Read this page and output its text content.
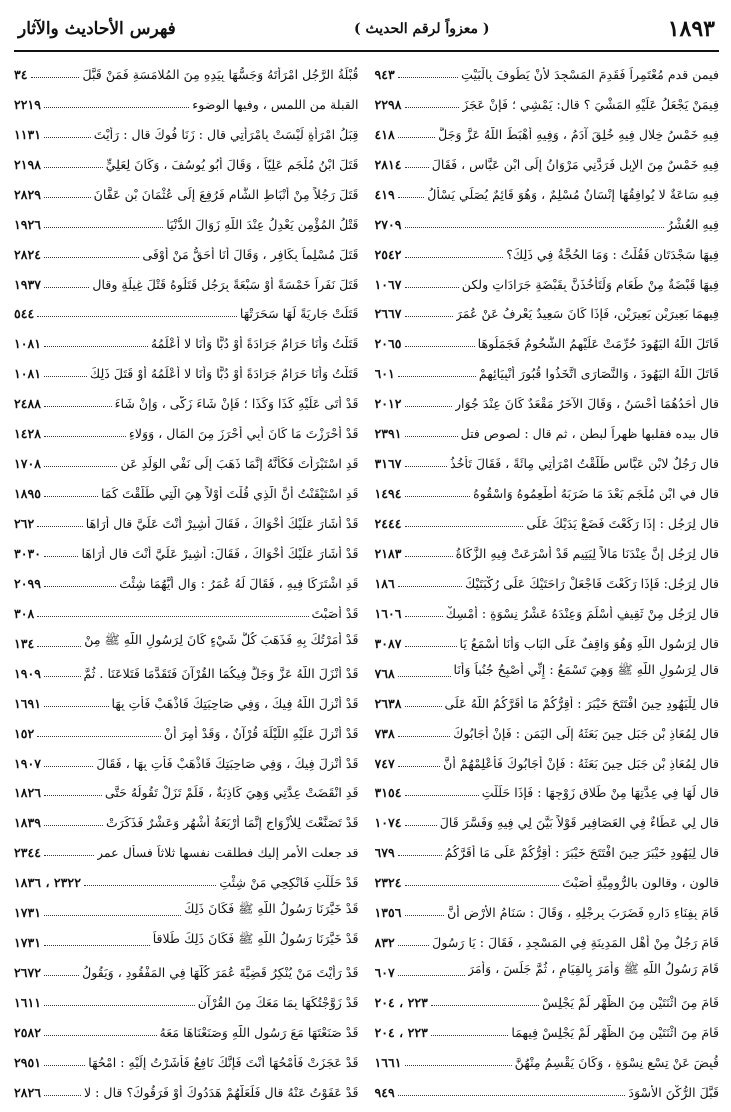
١٨٩٣
( معزواً لرقم الحديث )
فهرس الأحاديث والآثار
فيمن قدم مُعْتَمِراً فَقَدِمَ المَسْجِدَ لأَنْ يَطُوفَ بِالْبَيْتِ
٩٤٣
فِيمَنْ يَجْعَلُ عَلَيْهِ المَشْيَ ؟ قال: يَمْشِي ؛ فَإِنْ عَجَزَ
٢٢٩٨
فِيهِ خَمْسُ خِلالٍ فِيهِ خُلِقَ آدَمُ ، وَفِيهِ أَهْبَطَ اللَّهُ عَزَّ وَجَلَّ
٤١٨
فِيهِ خَمْسٌ مِنَ الإِبِلِ فَرَدَّنِي مَرْوَانُ إِلَى ابْنِ عَبَّاسٍ ، فَقَالَ
٢٨١٤
فِيهِ سَاعَةٌ لا يُوافِقُهَا إِنْسَانٌ مُسْلِمٌ ، وَهُوَ قَائِمٌ يُصَلِّي يَسْأَلُ
٤١٩
فِيهِ العُشْرُ
٢٧٠٩
فِيهَا سَجْدَتَانِ فَقُلْتُ : وَمَا الحُجَّةُ فِي ذَلِكَ؟
٢٥٤٢
فِيهَا قَبْضَةٌ مِنْ طَعَامٍ وَلَتَأْخُذَنَّ بِقَبْضَةٍ جَرَادَاتٍ ولكن
١٠٦٧
فِيهِمَا بَعِيرَيْنِ بَعِيرَيْنِ، فَإِذَا كَانَ سَعِيدٌ يَعْرِفُ عَنْ عُمَرَ
٢٦٦٧
قَاتَلَ اللَّهُ اليَهُودَ حُرِّمَتْ عَلَيْهِمُ الشُّحُومُ فَجَمَلُوهَا
٢٠٦٥
قَاتَلَ اللَّهُ اليَهُودَ ، وَالنَّصَارَى اتَّخَذُوا قُبُورَ أَنْبِيَائِهِمْ
٦٠١
قال أَحَدُهُمَا أَحْسَنُ ، وَقَالَ الآخَرُ مَقْعَدٌ كَانَ عِنْدَ جُوَارٍ
٢٠١٢
قال بيده فقلبها ظهراً لبطن ، ثم قال : لصوص فتل
٢٣٩١
قال رَجُلٌ لابْنِ عَبَّاسٍ طَلَّقْتُ امْرَأَتِي مِائَةً ، فَقَالَ تَأْخُذُ
٣١٦٧
قال في ابْنِ مُلْجَمٍ بَعْدَ مَا ضَرَبَهُ أَطْعِمُوهُ وَاسْقُوهُ
١٤٩٤
قال لِرَجُلٍ : إِذَا رَكَعْتَ فَضَعْ يَدَيْكَ عَلَى
٢٤٤٤
قال لِرَجُلٍ إِنَّ عِنْدَنَا مَالاً لِيَتِيمٍ قَدْ أَسْرَعَتْ فِيهِ الزَّكَاةُ
٢١٨٣
قال لِرَجُلٍ: فَإِذَا رَكَعْتَ فَاجْعَلْ رَاحَتَيْكَ عَلَى رُكْبَتَيْكَ
١٨٦
قال لِرَجُلٍ مِنْ ثَقِيفٍ أَسْلَمَ وَعِنْدَهُ عَشْرُ نِسْوَةٍ : أَمْسِكْ
١٦٠٦
قال لِرَسُولِ اللَّهِ وَهُوَ وَاقِفٌ عَلَى البَابِ وَأَنَا أَسْمَعُ يَا
٣٠٨٧
قال لِرَسُولِ اللَّهِ ﷺ وَهِيَ تَسْمَعُ : إِنِّي أُصْبِحُ جُنُباً وَأَنَا
٧٦٨
قال لِلْيَهُودِ حِينَ افْتَتَحَ خَيْبَرَ : أُقِرُّكُمْ مَا أَقَرَّكُمُ اللَّهُ عَلَى
٢٦٣٨
قال لِمُعَاذِ بْنِ جَبَلٍ حِينَ بَعَثَهُ إِلَى اليَمَنِ : فَإِنْ أَجَابُوكَ
٧٣٨
قال لِمُعَاذِ بْنِ جَبَلٍ حِينَ بَعَثَهُ : فَإِنْ أَجَابُوكَ فَأَعْلِمْهُمْ أَنَّ
٧٤٧
قال لَهَا فِي عِدَّتِهَا مِنْ طَلاقِ زَوْجِهَا : فَإِذَا حَلَلْتِ
٣١٥٤
قال لِي عَطَاءٌ فِي العَصَافِيرِ قَوْلاً بَيَّنَ لِي فِيهِ وَفَسَّرَ قَالَ
١٠٧٤
قال لِيَهُودِ خَيْبَرَ حِينَ افْتَتَحَ خَيْبَرَ : أُقِرُّكُمْ عَلَى مَا أَقَرَّكُمُ
٦٧٩
قالون ، وقالون بالرُّومِيَّةِ أَصَبْتَ
٢٣٢٤
قَامَ بِفِنَاءِ دَارِهِ فَضَرَبَ بِرِجْلِهِ ، وَقَالَ : سَنَامُ الأَرْضِ أَنَّ
١٣٥٦
قَامَ رَجُلٌ مِنْ أَهْلِ المَدِينَةِ فِي المَسْجِدِ ، فَقَالَ : يَا رَسُولَ
٨٣٢
قَامَ رَسُولُ اللَّهِ ﷺ وَأَمَرَ بِالقِيَامِ ، ثُمَّ جَلَسَ ، وَأَمَرَ
٦٠٧
قَامَ مِنَ اثْنَتَيْنِ مِنَ الظُّهْرِ لَمْ يَجْلِسْ
٢٢٣ ، ٢٠٤
قَامَ مِنَ اثْنَتَيْنِ مِنَ الظُّهْرِ لَمْ يَجْلِسْ فِيهِمَا
٢٢٣ ، ٢٠٤
قُبِضَ عَنْ تِسْعِ نِسْوَةٍ ، وَكَانَ يَقْسِمُ مِنْهُنَّ
١٦٦١
قَبَّلَ الرُّكْنَ الأَسْوَدَ
٩٤٩
قُبْلَةُ الرَّجُلِ امْرَأَتَهُ وَجَسُّهَا بِيَدِهِ مِنَ المُلامَسَةِ فَمَنْ قَبَّلَ
٣٤
القبلة من اللمس ، وفيها الوضوء
٢٢١٩
قِبَلُ امْرَأَةٍ لَيْسَتْ بِامْرَأَتِي قال : زَنَا فُوكَ قال : رَأَيْتَ
١١٣١
قَتَلَ ابْنُ مُلْجَمٍ عَلِيّاً ، وَقَالَ أَبُو يُوسُفَ ، وَكَانَ لِعَلِيٍّ
٢١٩٨
قَتَلَ رَجُلاً مِنْ أَنْبَاطِ الشَّامِ فَرُفِعَ إِلَى عُثْمَانَ بْنِ عَفَّانَ
٢٨٢٩
قَتْلُ المُؤْمِنِ يَعْدِلُ عِنْدَ اللَّهِ زَوَالَ الدُّنْيَا
١٩٢٦
قَتَلَ مُسْلِماً بِكَافِرٍ ، وَقَالَ أَنَا أَحَقُّ مَنْ أَوْفَى
٢٨٢٤
قَتَلَ نَفَراً خَمْسَةً أَوْ سَبْعَةً بِرَجُلٍ قَتَلُوهُ قَتْلَ غِيلَةٍ وقال
١٩٣٧
قَتَلَتْ جَارِيَةً لَهَا سَحَرَتْهَا
٥٤٤
قَتَلْتُ وَأَنَا حَرَامٌ جَرَادَةً أَوْ دُبًّا وَأَنَا لا أَعْلَمُهُ
١٠٨١
قَتَلْتُ وَأَنَا حَرَامٌ جَرَادَةً أَوْ دُبًّا وَأَنَا لا أَعْلَمُهُ أَوْ قَتَلَ ذَلِكَ
١٠٨١
قَدْ أَتَى عَلَيْهِ كَذَا وَكَذَا ؛ فَإِنْ شَاءَ زَكَّى ، وَإِنْ شَاءَ
٢٤٨٨
قَدْ أَحْرَزْتَ مَا كَانَ أَبِي أَحْرَزَ مِنَ المَالِ ، وَوَلاءِ
١٤٢٨
قَدِ اسْتَبْرَأْتَ فَكَأَنَّهُ إِنَّمَا ذَهَبَ إِلَى نَفْيِ الوَلَدِ عَنِ
١٧٠٨
قَدِ اسْتَيْقَنْتُ أَنَّ الَّذِي قُلْتَ أَوْلاً هِيَ الَّتِي طَلَّقْتَ كَمَا
١٨٩٥
قَدْ أَشَارَ عَلَيْكَ أَخْوَاكَ ، فَقَالَ أَشِيرْ أَنْتَ عَلَيَّ قال أَرَاهَا
٢٦٢
قَدْ أَشَارَ عَلَيْكَ أَخْوَاكَ ، فَقَالَ: أَشِيرْ عَلَيَّ أَنْتَ قال أَرَاهَا
٣٠٣٠
قَدِ اشْتَرَكَا فِيهِ ، فَقَالَ لَهُ عُمَرُ : وَالِ أَيَّهُمَا شِئْتَ
٢٠٩٩
قَدْ أَصَبْتَ
٣٠٨
قَدْ أَمَرْتُكَ بِهِ فَذَهَبَ كُلُّ شَيْءٍ كَانَ لِرَسُولِ اللَّهِ ﷺ مِنْ
١٣٤
قَدْ أَنْزَلَ اللَّهُ عَزَّ وَجَلَّ فِيكُمَا القُرْآنَ فَتَقَدَّمَا فَتَلاعَنَا . ثُمَّ
١٩٠٩
قَدْ أُنْزِلَ اللَّهُ فِيكَ ، وَفِي صَاحِبَتِكَ فَاذْهَبْ فَأْتِ بِهَا
١٦٩١
قَدْ أُنْزِلَ عَلَيْهِ اللَّيْلَةَ قُرْآنٌ ، وَقَدْ أُمِرَ أَنْ
١٥٢
قَدْ أُنْزِلَ فِيكَ ، وَفِي صَاحِبَتِكَ فَاذْهَبْ فَأْتِ بِهَا ، فَقَالَ
١٩٠٧
قَدِ انْقَضَتْ عِدَّتِي وَهِيَ كَاذِبَةٌ ، فَلَمْ تَزَلْ تَقُولُهُ حَتَّى
١٨٢٦
قَدْ تَصَنَّعْتَ لِلأَزْوَاجِ إِنَّمَا أَرْبَعَةُ أَشْهُرٍ وَعَشْرٌ فَذَكَرَتْ
١٨٣٩
قد جعلت الأمر إليك فطلقت نفسها ثلاثاً فسأل عمر
٢٣٤٤
قَدْ حَلَلْتِ فَانْكِحِي مَنْ شِئْتِ
٢٣٢٢ ، ١٨٣٦
قَدْ خَيَّرَنَا رَسُولُ اللَّهِ ﷺ فَكَانَ ذَلِكَ
١٧٣١
قَدْ خَيَّرَنَا رَسُولُ اللَّهِ ﷺ فَكَانَ ذَلِكَ طَلاقاً
١٧٣١
قَدْ رَأَيْتَ مَنْ يُنْكِرُ قَضِيَّةَ عُمَرَ كُلَّهَا فِي المَفْقُودِ ، وَيَقُولُ
٢٦٧٢
قَدْ زَوَّجْتُكَهَا بِمَا مَعَكَ مِنَ القُرْآنِ
١٦١١
قَدْ صَنَعْتَهَا مَعَ رَسُولِ اللَّهِ وَصَنَعْنَاهَا مَعَهُ
٢٥٨٢
قَدْ عَجَزَتْ فَأَمْحُهَا أَنْتَ فَإِنَّكَ نَافِعٌ فَأَشَرْتُ إِلَيْهِ : امْحُهَا
٢٩٥١
قَدْ عَفَوْتُ عَنْهُ قال فَلَعَلَّهُمْ هَدَدُوكَ أَوْ فَرَقُوكَ؟ قال : لا
٢٨٢٦
